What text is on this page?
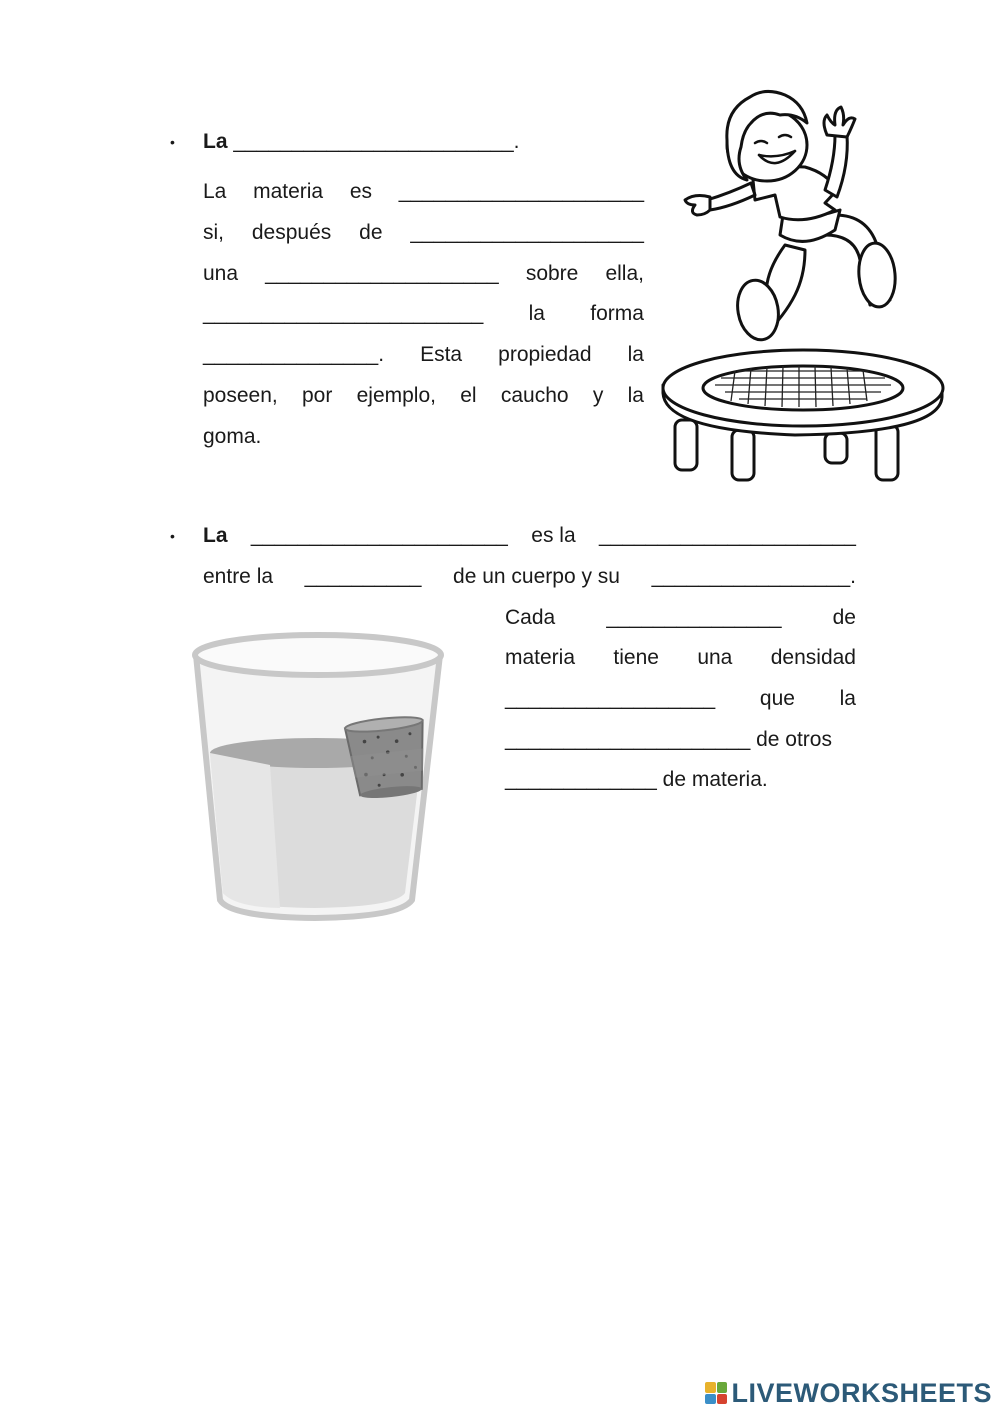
• La ________________________.
La materia es _____________________
si, después de ____________________
una ____________________ sobre ella,
________________________ la forma
_______________. Esta propiedad la
poseen, por ejemplo, el caucho y la
goma.
• La ______________________ es la ______________________
entre la __________ de un cuerpo y su _________________.
Cada _______________ de
materia tiene una densidad
__________________ que la
_____________________ de otros
_____________ de materia.
LIVEWORKSHEETS
